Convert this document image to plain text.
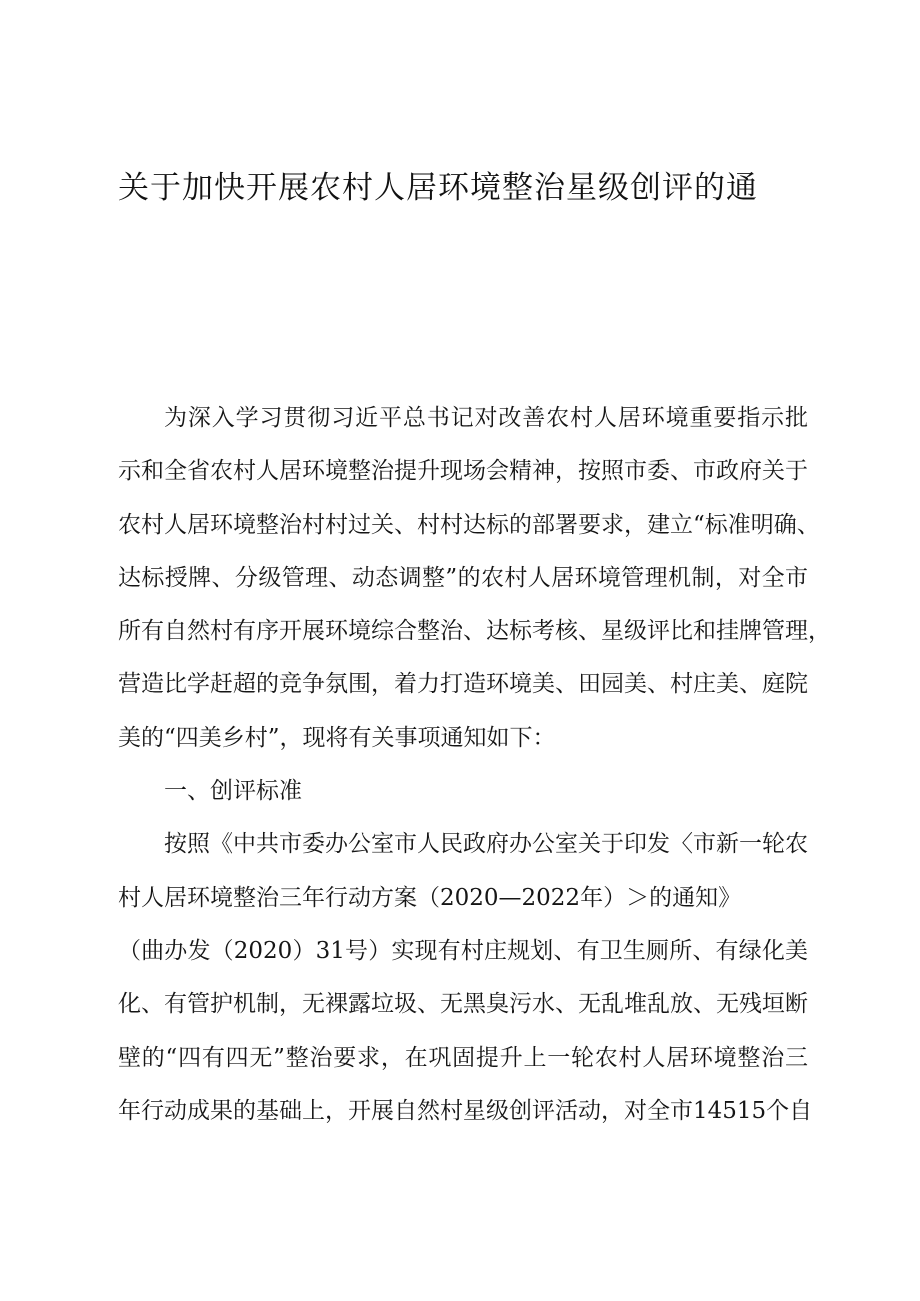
关于加快开展农村人居环境整治星级创评的通
为深入学习贯彻习近平总书记对改善农村人居环境重要指示批
示和全省农村人居环境整治提升现场会精神，按照市委、市政府关于
农村人居环境整治村村过关、村村达标的部署要求，建立“标准明确、
达标授牌、分级管理、动态调整”的农村人居环境管理机制，对全市
所有自然村有序开展环境综合整治、达标考核、星级评比和挂牌管理，
营造比学赶超的竞争氛围，着力打造环境美、田园美、村庄美、庭院
美的“四美乡村”，现将有关事项通知如下：
一、创评标准
按照《中共市委办公室市人民政府办公室关于印发〈市新一轮农
村人居环境整治三年行动方案（2020—2022年）＞的通知》
（曲办发（2020）31号）实现有村庄规划、有卫生厕所、有绿化美
化、有管护机制，无裸露垃圾、无黑臭污水、无乱堆乱放、无残垣断
壁的“四有四无”整治要求，在巩固提升上一轮农村人居环境整治三
年行动成果的基础上，开展自然村星级创评活动，对全市14515个自
